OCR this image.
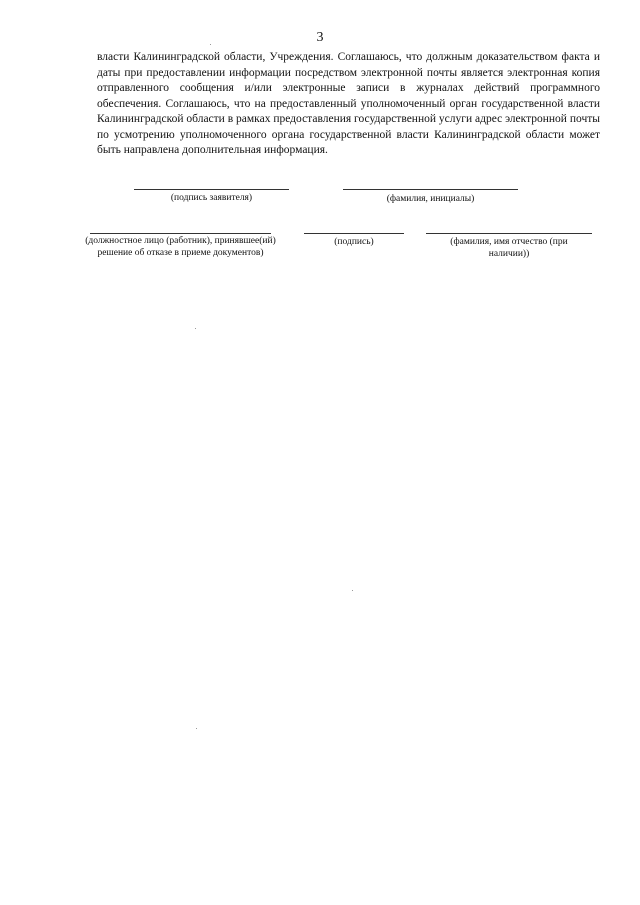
3

власти Калининградской области, Учреждения. Соглашаюсь, что должным доказательством факта и даты при предоставлении информации посредством электронной почты является электронная копия отправленного сообщения и/или электронные записи в журналах действий программного обеспечения. Соглашаюсь, что на предоставленный уполномоченный орган государственной власти Калининградской области в рамках предоставления государственной услуги адрес электронной почты по усмотрению уполномоченного органа государственной власти Калининградской области может быть направлена дополнительная информация.

(подпись заявителя)	(фамилия, инициалы)
(должностное лицо (работник), принявшее(ий) решение об отказе в приеме документов)
(подпись)	(фамилия, имя отчество (при наличии))
